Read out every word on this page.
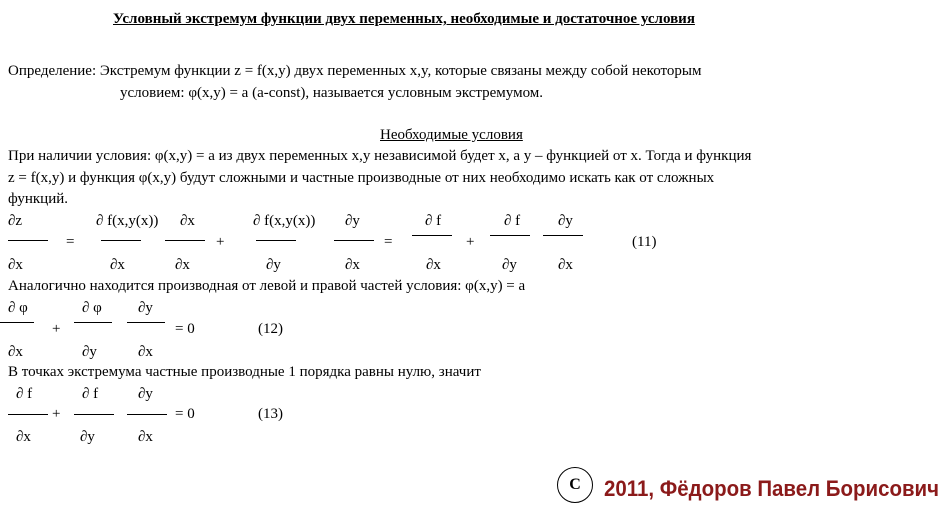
Условный экстремум функции двух переменных, необходимые и достаточное условия
Определение: Экстремум функции z = f(x,y) двух переменных x,y, которые связаны между собой некоторым
условием: φ(x,y) = a (a-const), называется условным экстремумом.
Необходимые условия
При наличии условия: φ(x,y) = a из двух переменных x,y независимой будет x, а y – функцией от x. Тогда и функция
z = f(x,y) и функция φ(x,y) будут сложными и частные производные от них необходимо искать как от сложных
функций.
∂z
∂x
=
∂ f(x,y(x))
∂x
∂x
∂x
+
∂ f(x,y(x))
∂y
∂y
∂x
=
∂ f
∂x
+
∂ f
∂y
∂y
∂x
(11)
Аналогично находится производная от левой и правой частей условия: φ(x,y) = a
∂ φ
∂x
+
∂ φ
∂y
∂y
∂x
= 0	(12)
В точках экстремума частные производные 1 порядка равны нулю, значит
∂ f
∂x
+
∂ f
∂y
∂y
∂x
= 0	(13)
С	2011, Фёдоров Павел Борисович
